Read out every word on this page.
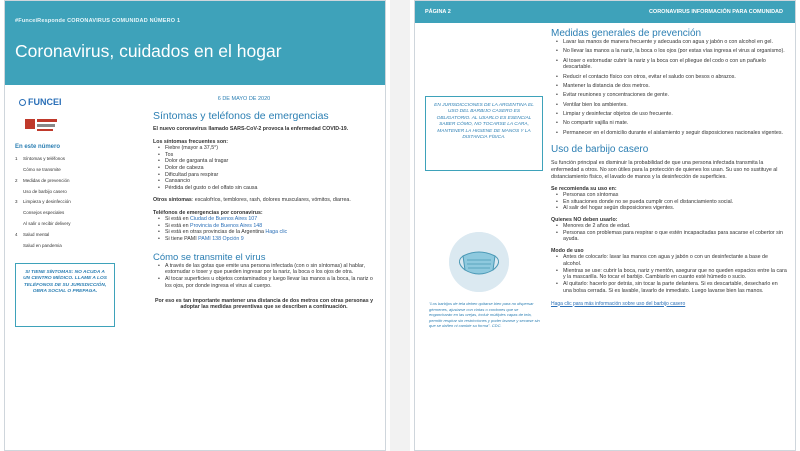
#FunceiResponde CORONAVIRUS COMUNIDAD NÚMERO 1
Coronavirus, cuidados en el hogar
FUNCEI
En este número
1	Síntomas y teléfonos
Cómo se transmite
2	Medidas de prevención
Uso de barbijo casero
3	Limpieza y desinfección
Consejos especiales
Al salir o recibir delivery
4	Salud mental
Salud en pandemia
SI TIENE SÍNTOMAS: NO ACUDA A UN CENTRO MÉDICO. LLAME A LOS TELÉFONOS DE SU JURISDICCIÓN, OBRA SOCIAL O PREPAGA.
6 DE MAYO DE 2020
Síntomas y teléfonos de emergencias
El nuevo coronavirus llamado SARS-CoV-2 provoca la enfermedad COVID-19.
Los síntomas frecuentes son:
• Fiebre (mayor a 37,5°)
• Tos
• Dolor de garganta al tragar
• Dolor de cabeza
• Dificultad para respirar
• Cansancio
• Pérdida del gusto o del olfato sin causa
Otros síntomas: escalofríos, temblores, rash, dolores musculares, vómitos, diarrea.
Teléfonos de emergencias por coronavirus:
• Si está en Ciudad de Buenos Aires 107
• Si está en Provincia de Buenos Aires 148
• Si está en otras provincias de la Argentina Haga clic
• Si tiene PAMI PAMI 138 Opción 9
Cómo se transmite el virus
• A través de las gotas que emite una persona infectada (con o sin síntomas) al hablar, estornudar o toser y que pueden ingresar por la nariz, la boca o los ojos de otra.
• Al tocar superficies u objetos contaminados y luego llevar las manos a la boca, la nariz o los ojos, por donde ingresa el virus al cuerpo.
Por eso es tan importante mantener una distancia de dos metros con otras personas y adoptar las medidas preventivas que se describen a continuación.
PÁGINA 2	CORONAVIRUS INFORMACIÓN PARA COMUNIDAD
EN JURISDICCIONES DE LA ARGENTINA EL USO DEL BARBIJO CASERO ES OBLIGATORIO. AL USARLO ES ESENCIAL SABER CÓMO, NO TOCARSE LA CARA, MANTENER LA HIGIENE DE MANOS Y LA DISTANCIA FÍSICA.
"Los barbijos de tela deben quitarse bien para no dispersar gérmenes, ajustarse con cintas o cordones que se engancharán en las orejas, incluir múltiples capas de tela, permitir respirar sin restricciones y poder lavarse y secarse sin que se dañen ni cambie su forma". CDC.
Medidas generales de prevención
• Lavar las manos de manera frecuente y adecuada con agua y jabón o con alcohol en gel.
• No llevar las manos a la nariz, la boca o los ojos (por estas vías ingresa el virus al organismo).
• Al toser o estornudar cubrir la nariz y la boca con el pliegue del codo o con un pañuelo descartable.
• Reducir el contacto físico con otros, evitar el saludo con besos o abrazos.
• Mantener la distancia de dos metros.
• Evitar reuniones y concentraciones de gente.
• Ventilar bien los ambientes.
• Limpiar y desinfectar objetos de uso frecuente.
• No compartir vajilla ni mate.
• Permanecer en el domicilio durante el aislamiento y seguir disposiciones nacionales vigentes.
Uso de barbijo casero
Su función principal es disminuir la probabilidad de que una persona infectada transmita la enfermedad a otros. No son útiles para la protección de quienes los usan. Su uso no sustituye al distanciamiento físico, el lavado de manos y la desinfección de superficies.
Se recomienda su uso en:
• Personas con síntomas
• En situaciones donde no se pueda cumplir con el distanciamiento social.
• Al salir del hogar según disposiciones vigentes.
Quienes NO deben usarlo:
• Menores de 2 años de edad.
• Personas con problemas para respirar o que estén incapacitadas para sacarse el cobertor sin ayuda.
Modo de uso
• Antes de colocarlo: lavar las manos con agua y jabón o con un desinfectante a base de alcohol.
• Mientras se use: cubrir la boca, nariz y mentón, asegurar que no queden espacios entre la cara y la mascarilla. No tocar el barbijo. Cambiarlo en cuanto esté húmedo o sucio.
• Al quitarlo: hacerlo por detrás, sin tocar la parte delantera. Si es descartable, desecharlo en una bolsa cerrada. Si es lavable, lavarlo de inmediato. Luego lavarse bien las manos.
Haga clic para más información sobre uso del barbijo casero
